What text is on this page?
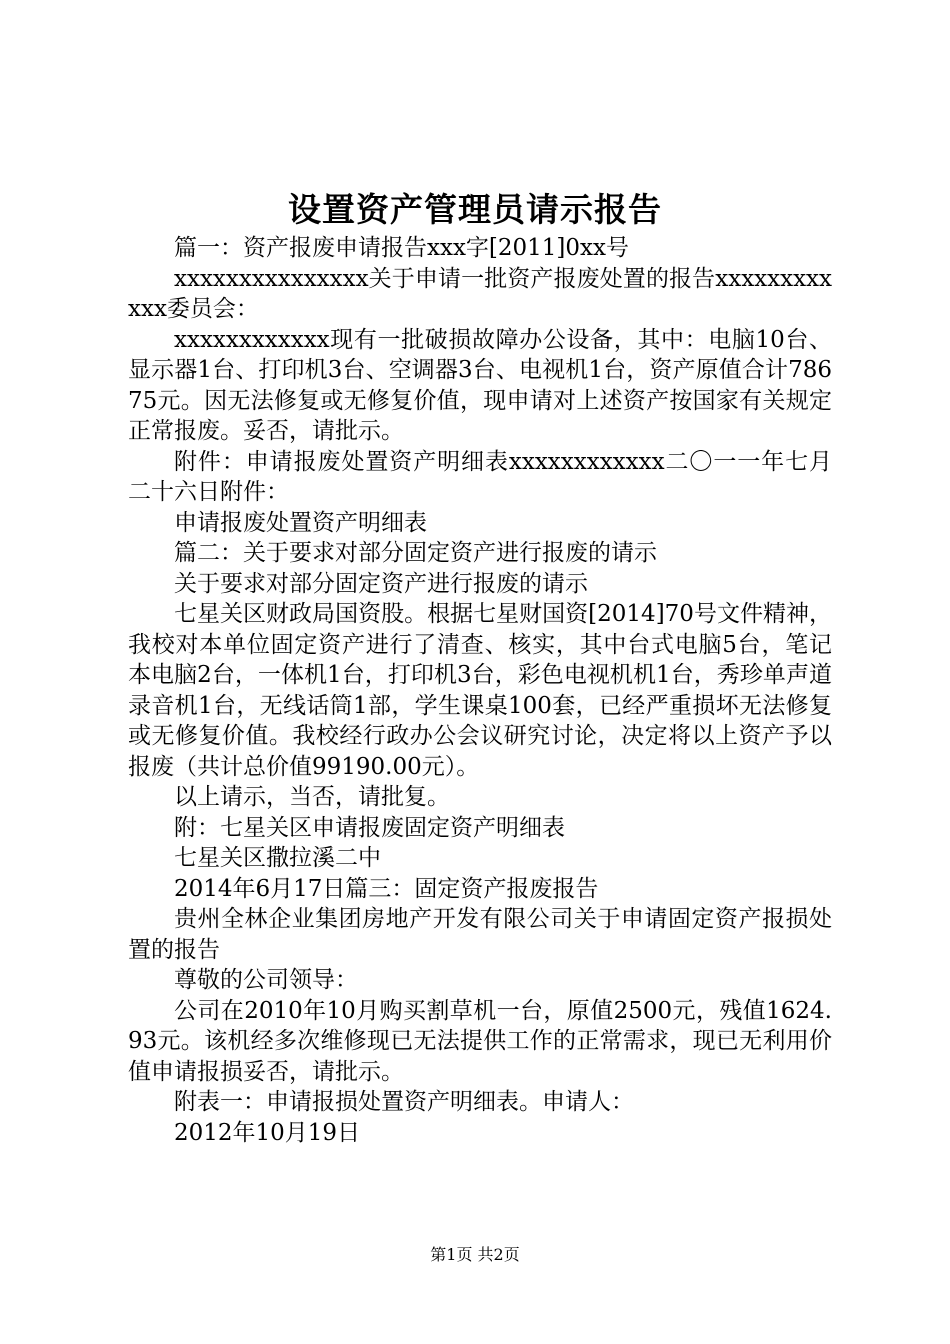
设置资产管理员请示报告

篇一：资产报废申请报告xxx字[2011]0xx号

xxxxxxxxxxxxxxx关于申请一批资产报废处置的报告xxxxxxxxxxxx委员会：

xxxxxxxxxxxx现有一批破损故障办公设备，其中：电脑10台、显示器1台、打印机3台、空调器3台、电视机1台，资产原值合计78675元。因无法修复或无修复价值，现申请对上述资产按国家有关规定正常报废。妥否，请批示。

附件：申请报废处置资产明细表xxxxxxxxxxxx二〇一一年七月二十六日附件：

申请报废处置资产明细表

篇二：关于要求对部分固定资产进行报废的请示

关于要求对部分固定资产进行报废的请示

七星关区财政局国资股。根据七星财国资[2014]70号文件精神，我校对本单位固定资产进行了清查、核实，其中台式电脑5台，笔记本电脑2台，一体机1台，打印机3台，彩色电视机机1台，秀珍单声道录音机1台，无线话筒1部，学生课桌100套，已经严重损坏无法修复或无修复价值。我校经行政办公会议研究讨论，决定将以上资产予以报废（共计总价值99190.00元）。

以上请示，当否，请批复。

附：七星关区申请报废固定资产明细表

七星关区撒拉溪二中

2014年6月17日篇三：固定资产报废报告

贵州全林企业集团房地产开发有限公司关于申请固定资产报损处置的报告

尊敬的公司领导：

公司在2010年10月购买割草机一台，原值2500元，残值1624.93元。该机经多次维修现已无法提供工作的正常需求，现已无利用价值申请报损妥否，请批示。

附表一：申请报损处置资产明细表。申请人：

2012年10月19日

第1页 共2页
